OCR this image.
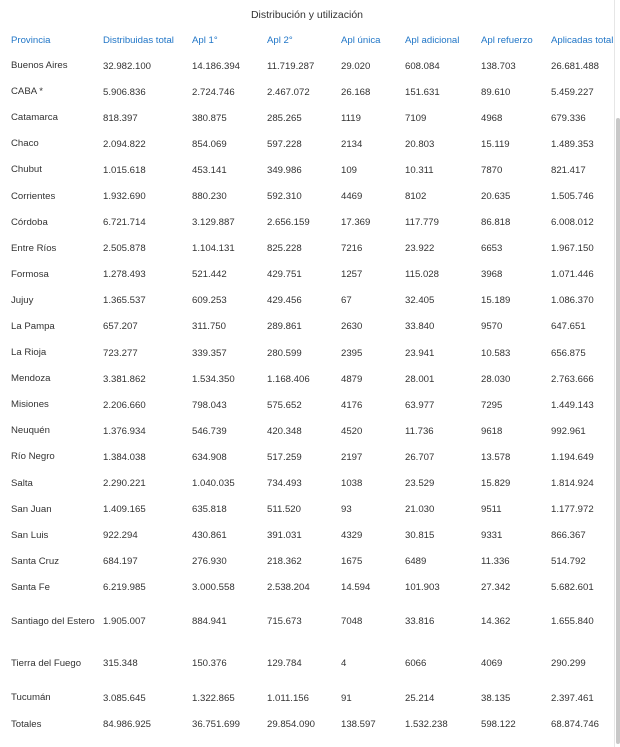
Distribución y utilización
Provincia	Distribuidas total	Apl 1°	Apl 2°	Apl única	Apl adicional	Apl refuerzo	Aplicadas total
Buenos Aires	32.982.100	14.186.394	11.719.287	29.020	608.084	138.703	26.681.488
CABA *	5.906.836	2.724.746	2.467.072	26.168	151.631	89.610	5.459.227
Catamarca	818.397	380.875	285.265	1119	7109	4968	679.336
Chaco	2.094.822	854.069	597.228	2134	20.803	15.119	1.489.353
Chubut	1.015.618	453.141	349.986	109	10.311	7870	821.417
Corrientes	1.932.690	880.230	592.310	4469	8102	20.635	1.505.746
Córdoba	6.721.714	3.129.887	2.656.159	17.369	117.779	86.818	6.008.012
Entre Ríos	2.505.878	1.104.131	825.228	7216	23.922	6653	1.967.150
Formosa	1.278.493	521.442	429.751	1257	115.028	3968	1.071.446
Jujuy	1.365.537	609.253	429.456	67	32.405	15.189	1.086.370
La Pampa	657.207	311.750	289.861	2630	33.840	9570	647.651
La Rioja	723.277	339.357	280.599	2395	23.941	10.583	656.875
Mendoza	3.381.862	1.534.350	1.168.406	4879	28.001	28.030	2.763.666
Misiones	2.206.660	798.043	575.652	4176	63.977	7295	1.449.143
Neuquén	1.376.934	546.739	420.348	4520	11.736	9618	992.961
Río Negro	1.384.038	634.908	517.259	2197	26.707	13.578	1.194.649
Salta	2.290.221	1.040.035	734.493	1038	23.529	15.829	1.814.924
San Juan	1.409.165	635.818	511.520	93	21.030	9511	1.177.972
San Luis	922.294	430.861	391.031	4329	30.815	9331	866.367
Santa Cruz	684.197	276.930	218.362	1675	6489	11.336	514.792
Santa Fe	6.219.985	3.000.558	2.538.204	14.594	101.903	27.342	5.682.601
Santiago del Estero	1.905.007	884.941	715.673	7048	33.816	14.362	1.655.840
Tierra del Fuego	315.348	150.376	129.784	4	6066	4069	290.299
Tucumán	3.085.645	1.322.865	1.011.156	91	25.214	38.135	2.397.461
Totales	84.986.925	36.751.699	29.854.090	138.597	1.532.238	598.122	68.874.746
